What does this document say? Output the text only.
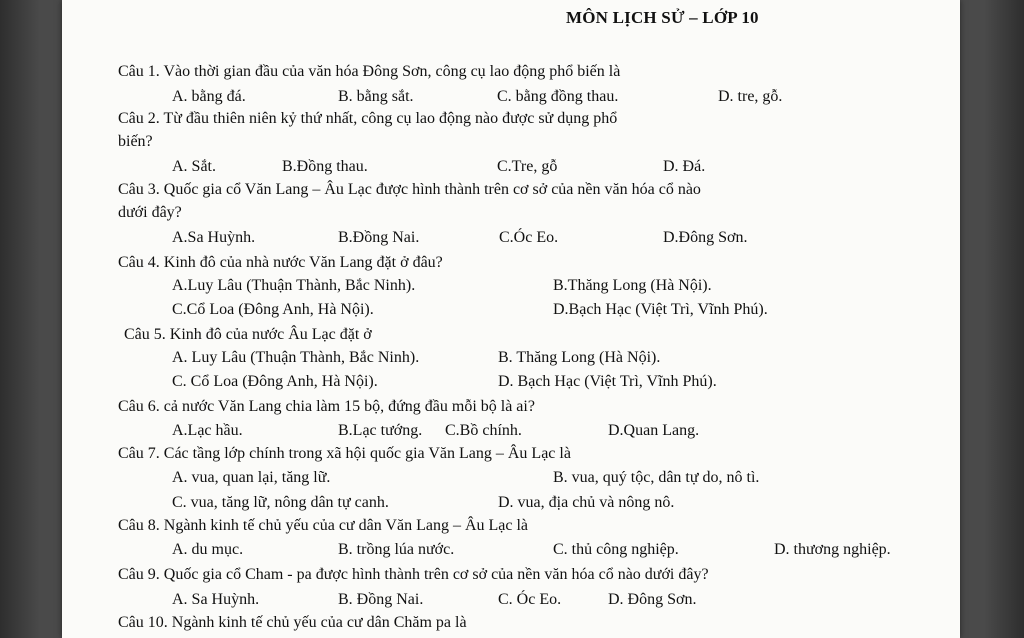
MÔN LỊCH SỬ – LỚP 10
Câu 1. Vào thời gian đầu của văn hóa Đông Sơn, công cụ lao động phổ biến là
A. bằng đá.	B. bằng sắt.	C. bằng đồng thau.	D. tre, gỗ.
Câu 2. Từ đầu thiên niên kỷ thứ nhất, công cụ lao động nào được sử dụng phổ
biến?
A. Sắt.	B.Đồng thau.	C.Tre, gỗ	D. Đá.
Câu 3. Quốc gia cổ Văn Lang – Âu Lạc được hình thành trên cơ sở của nền văn hóa cổ nào
dưới đây?
A.Sa Huỳnh.	B.Đồng Nai.	C.Óc Eo.	D.Đông Sơn.
Câu 4. Kinh đô của nhà nước Văn Lang đặt ở đâu?
A.Luy Lâu (Thuận Thành, Bắc Ninh).	B.Thăng Long (Hà Nội).
C.Cổ Loa (Đông Anh, Hà Nội).	D.Bạch Hạc (Việt Trì, Vĩnh Phú).
Câu 5. Kinh đô của nước Âu Lạc đặt ở
A. Luy Lâu (Thuận Thành, Bắc Ninh).	B. Thăng Long (Hà Nội).
C. Cổ Loa (Đông Anh, Hà Nội).	D. Bạch Hạc (Việt Trì, Vĩnh Phú).
Câu 6. cả nước Văn Lang chia làm 15 bộ, đứng đầu mỗi bộ là ai?
A.Lạc hầu.	B.Lạc tướng. C.Bồ chính.	D.Quan Lang.
Câu 7. Các tầng lớp chính trong xã hội quốc gia Văn Lang – Âu Lạc là
A. vua, quan lại, tăng lữ.	B. vua, quý tộc, dân tự do, nô tì.
C. vua, tăng lữ, nông dân tự canh.	D. vua, địa chủ và nông nô.
Câu 8. Ngành kinh tế chủ yếu của cư dân Văn Lang – Âu Lạc là
A. du mục.	B. trồng lúa nước.	C. thủ công nghiệp.	D. thương nghiệp.
Câu 9. Quốc gia cổ Cham - pa được hình thành trên cơ sở của nền văn hóa cổ nào dưới đây?
A. Sa Huỳnh.	B. Đồng Nai.	C. Óc Eo.	D. Đông Sơn.
Câu 10. Ngành kinh tế chủ yếu của cư dân Chăm pa là
